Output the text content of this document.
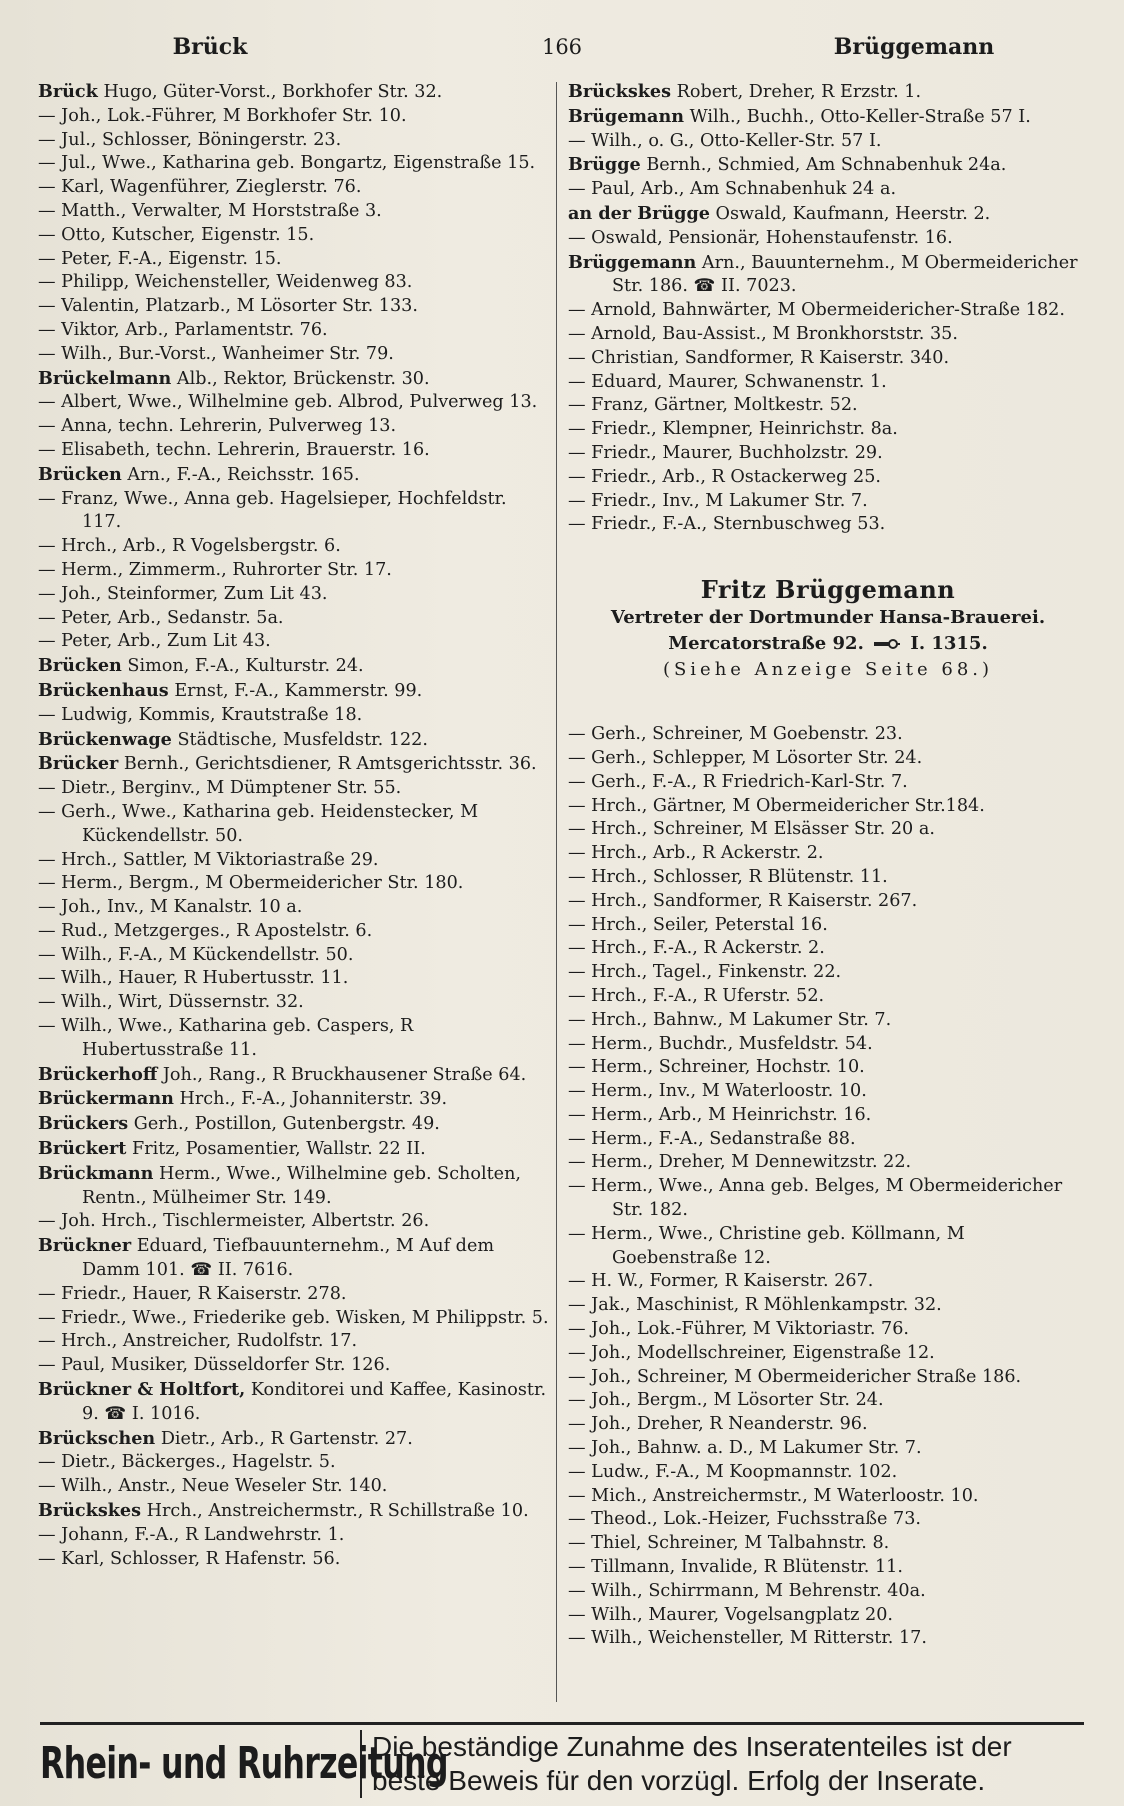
Brück	166	Brüggemann

Brück Hugo, Güter-Vorst., Borkhofer Str. 32.

— Joh., Lok.-Führer, M Borkhofer Str. 10.

— Jul., Schlosser, Böningerstr. 23.

— Jul., Wwe., Katharina geb. Bongartz, Eigenstraße 15.

— Karl, Wagenführer, Zieglerstr. 76.

— Matth., Verwalter, M Horststraße 3.

— Otto, Kutscher, Eigenstr. 15.

— Peter, F.-A., Eigenstr. 15.

— Philipp, Weichensteller, Weidenweg 83.

— Valentin, Platzarb., M Lösorter Str. 133.

— Viktor, Arb., Parlamentstr. 76.

— Wilh., Bur.-Vorst., Wanheimer Str. 79.

Brückelmann Alb., Rektor, Brückenstr. 30.

— Albert, Wwe., Wilhelmine geb. Albrod, Pulverweg 13.

— Anna, techn. Lehrerin, Pulverweg 13.

— Elisabeth, techn. Lehrerin, Brauerstr. 16.

Brücken Arn., F.-A., Reichsstr. 165.

— Franz, Wwe., Anna geb. Hagelsieper, Hochfeldstr. 117.

— Hrch., Arb., R Vogelsbergstr. 6.

— Herm., Zimmerm., Ruhrorter Str. 17.

— Joh., Steinformer, Zum Lit 43.

— Peter, Arb., Sedanstr. 5a.

— Peter, Arb., Zum Lit 43.

Brücken Simon, F.-A., Kulturstr. 24.

Brückenhaus Ernst, F.-A., Kammerstr. 99.

— Ludwig, Kommis, Krautstraße 18.

Brückenwage Städtische, Musfeldstr. 122.

Brücker Bernh., Gerichtsdiener, R Amtsgerichtsstr. 36.

— Dietr., Berginv., M Dümptener Str. 55.

— Gerh., Wwe., Katharina geb. Heidenstecker, M Kückendellstr. 50.

— Hrch., Sattler, M Viktoriastraße 29.

— Herm., Bergm., M Obermeidericher Str. 180.

— Joh., Inv., M Kanalstr. 10 a.

— Rud., Metzgerges., R Apostelstr. 6.

— Wilh., F.-A., M Kückendellstr. 50.

— Wilh., Hauer, R Hubertusstr. 11.

— Wilh., Wirt, Düssernstr. 32.

— Wilh., Wwe., Katharina geb. Caspers, R Hubertusstraße 11.

Brückerhoff Joh., Rang., R Bruckhausener Straße 64.

Brückermann Hrch., F.-A., Johanniterstr. 39.

Brückers Gerh., Postillon, Gutenbergstr. 49.

Brückert Fritz, Posamentier, Wallstr. 22 II.

Brückmann Herm., Wwe., Wilhelmine geb. Scholten, Rentn., Mülheimer Str. 149.

— Joh. Hrch., Tischlermeister, Albertstr. 26.

Brückner Eduard, Tiefbauunternehm., M Auf dem Damm 101. ☎ II. 7616.

— Friedr., Hauer, R Kaiserstr. 278.

— Friedr., Wwe., Friederike geb. Wisken, M Philippstr. 5.

— Hrch., Anstreicher, Rudolfstr. 17.

— Paul, Musiker, Düsseldorfer Str. 126.

Brückner & Holtfort, Konditorei und Kaffee, Kasinostr. 9. ☎ I. 1016.

Brückschen Dietr., Arb., R Gartenstr. 27.

— Dietr., Bäckerges., Hagelstr. 5.

— Wilh., Anstr., Neue Weseler Str. 140.

Brückskes Hrch., Anstreichermstr., R Schillstraße 10.

— Johann, F.-A., R Landwehrstr. 1.

— Karl, Schlosser, R Hafenstr. 56.

Brückskes Robert, Dreher, R Erzstr. 1.

Brügemann Wilh., Buchh., Otto-Keller-Straße 57 I.

— Wilh., o. G., Otto-Keller-Str. 57 I.

Brügge Bernh., Schmied, Am Schnabenhuk 24a.

— Paul, Arb., Am Schnabenhuk 24 a.

an der Brügge Oswald, Kaufmann, Heerstr. 2.

— Oswald, Pensionär, Hohenstaufenstr. 16.

Brüggemann Arn., Bauunternehm., M Obermeidericher Str. 186. ☎ II. 7023.

— Arnold, Bahnwärter, M Obermeidericher-Straße 182.

— Arnold, Bau-Assist., M Bronkhorststr. 35.

— Christian, Sandformer, R Kaiserstr. 340.

— Eduard, Maurer, Schwanenstr. 1.

— Franz, Gärtner, Moltkestr. 52.

— Friedr., Klempner, Heinrichstr. 8a.

— Friedr., Maurer, Buchholzstr. 29.

— Friedr., Arb., R Ostackerweg 25.

— Friedr., Inv., M Lakumer Str. 7.

— Friedr., F.-A., Sternbuschweg 53.

Fritz Brüggemann
Vertreter der Dortmunder Hansa-Brauerei.
Mercatorstraße 92.	I. 1315.
(Siehe Anzeige Seite 68.)

— Gerh., Schreiner, M Goebenstr. 23.

— Gerh., Schlepper, M Lösorter Str. 24.

— Gerh., F.-A., R Friedrich-Karl-Str. 7.

— Hrch., Gärtner, M Obermeidericher Str.184.

— Hrch., Schreiner, M Elsässer Str. 20 a.

— Hrch., Arb., R Ackerstr. 2.

— Hrch., Schlosser, R Blütenstr. 11.

— Hrch., Sandformer, R Kaiserstr. 267.

— Hrch., Seiler, Peterstal 16.

— Hrch., F.-A., R Ackerstr. 2.

— Hrch., Tagel., Finkenstr. 22.

— Hrch., F.-A., R Uferstr. 52.

— Hrch., Bahnw., M Lakumer Str. 7.

— Herm., Buchdr., Musfeldstr. 54.

— Herm., Schreiner, Hochstr. 10.

— Herm., Inv., M Waterloostr. 10.

— Herm., Arb., M Heinrichstr. 16.

— Herm., F.-A., Sedanstraße 88.

— Herm., Dreher, M Dennewitzstr. 22.

— Herm., Wwe., Anna geb. Belges, M Obermeidericher Str. 182.

— Herm., Wwe., Christine geb. Köllmann, M Goebenstraße 12.

— H. W., Former, R Kaiserstr. 267.

— Jak., Maschinist, R Möhlenkampstr. 32.

— Joh., Lok.-Führer, M Viktoriastr. 76.

— Joh., Modellschreiner, Eigenstraße 12.

— Joh., Schreiner, M Obermeidericher Straße 186.

— Joh., Bergm., M Lösorter Str. 24.

— Joh., Dreher, R Neanderstr. 96.

— Joh., Bahnw. a. D., M Lakumer Str. 7.

— Ludw., F.-A., M Koopmannstr. 102.

— Mich., Anstreichermstr., M Waterloostr. 10.

— Theod., Lok.-Heizer, Fuchsstraße 73.

— Thiel, Schreiner, M Talbahnstr. 8.

— Tillmann, Invalide, R Blütenstr. 11.

— Wilh., Schirrmann, M Behrenstr. 40a.

— Wilh., Maurer, Vogelsangplatz 20.

— Wilh., Weichensteller, M Ritterstr. 17.

Rhein- und Ruhrzeitung
Die beständige Zunahme des Inseratenteiles ist der beste Beweis für den vorzügl. Erfolg der Inserate.
